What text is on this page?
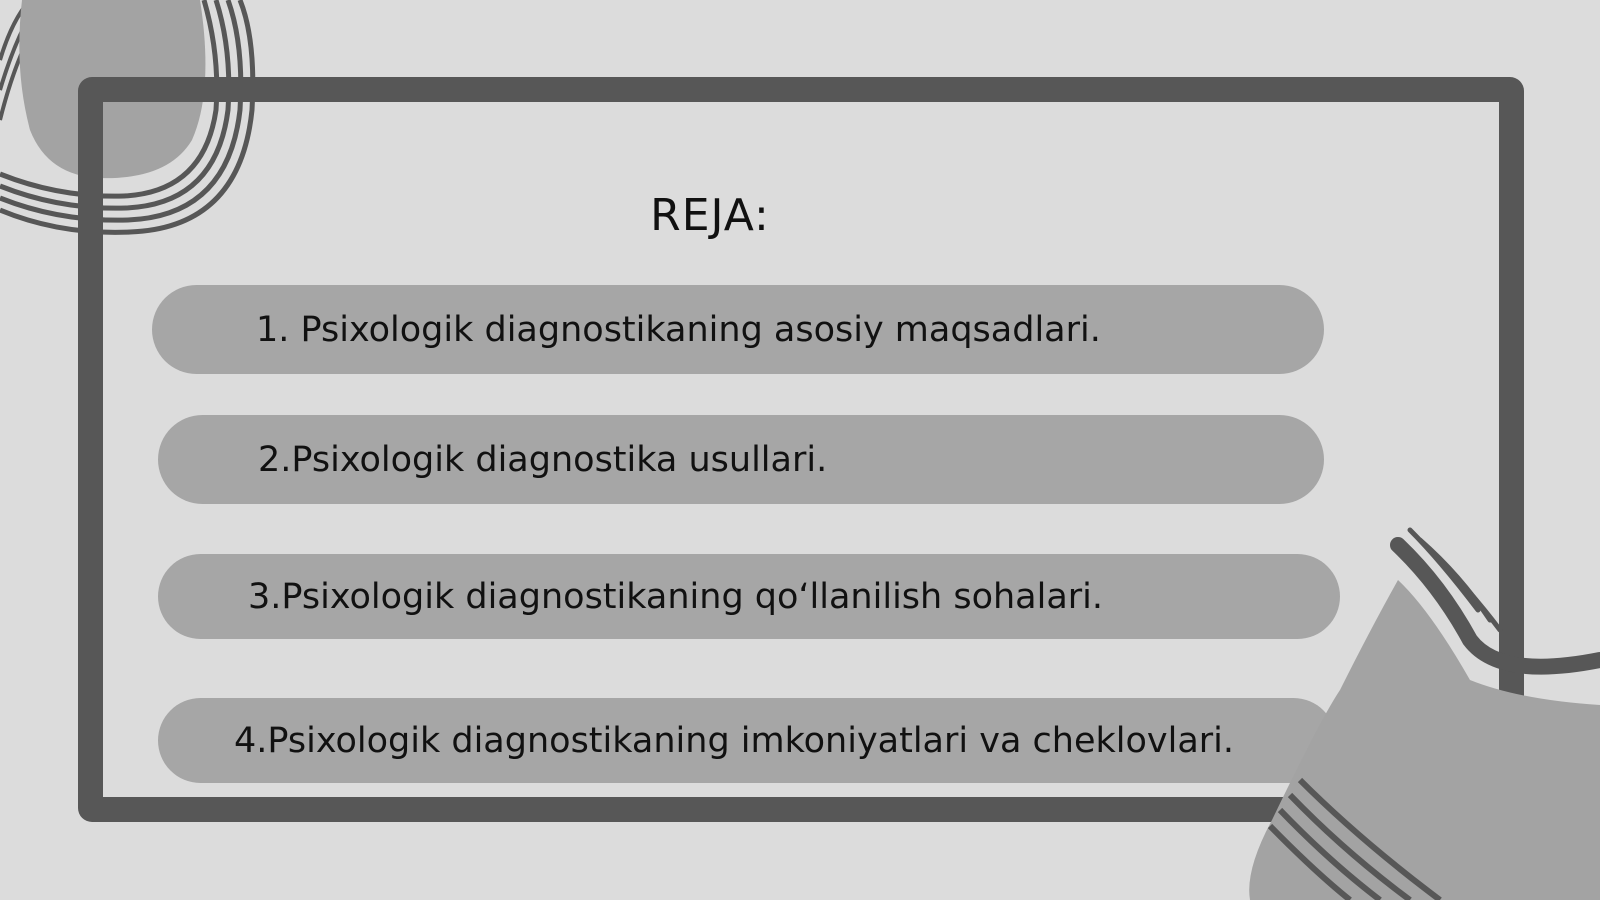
REJA:
1. Psixologik diagnostikaning asosiy maqsadlari.
2.Psixologik diagnostika usullari.
3.Psixologik diagnostikaning qo‘llanilish sohalari.
4.Psixologik diagnostikaning imkoniyatlari va cheklovlari.
